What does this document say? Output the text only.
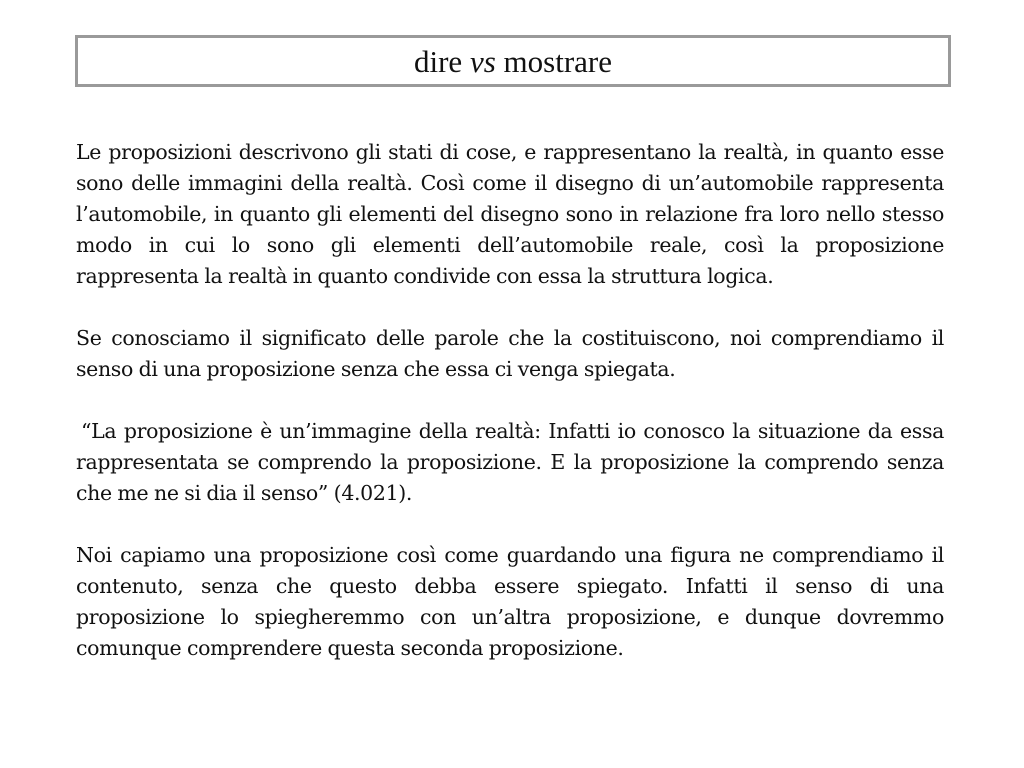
dire vs mostrare

Le proposizioni descrivono gli stati di cose, e rappresentano la realtà, in quanto esse sono delle immagini della realtà. Così come il disegno di un’automobile rappresenta l’automobile, in quanto gli elementi del disegno sono in relazione fra loro nello stesso modo in cui lo sono gli elementi dell’automobile reale, così la proposizione rappresenta la realtà in quanto condivide con essa la struttura logica.

Se conosciamo il significato delle parole che la costituiscono, noi comprendiamo il senso di una proposizione senza che essa ci venga spiegata.

“La proposizione è un’immagine della realtà: Infatti io conosco la situazione da essa rappresentata se comprendo la proposizione. E la proposizione la comprendo senza che me ne si dia il senso” (4.021).

Noi capiamo una proposizione così come guardando una figura ne comprendiamo il contenuto, senza che questo debba essere spiegato. Infatti il senso di una proposizione lo spiegheremmo con un’altra proposizione, e dunque dovremmo comunque comprendere questa seconda proposizione.
